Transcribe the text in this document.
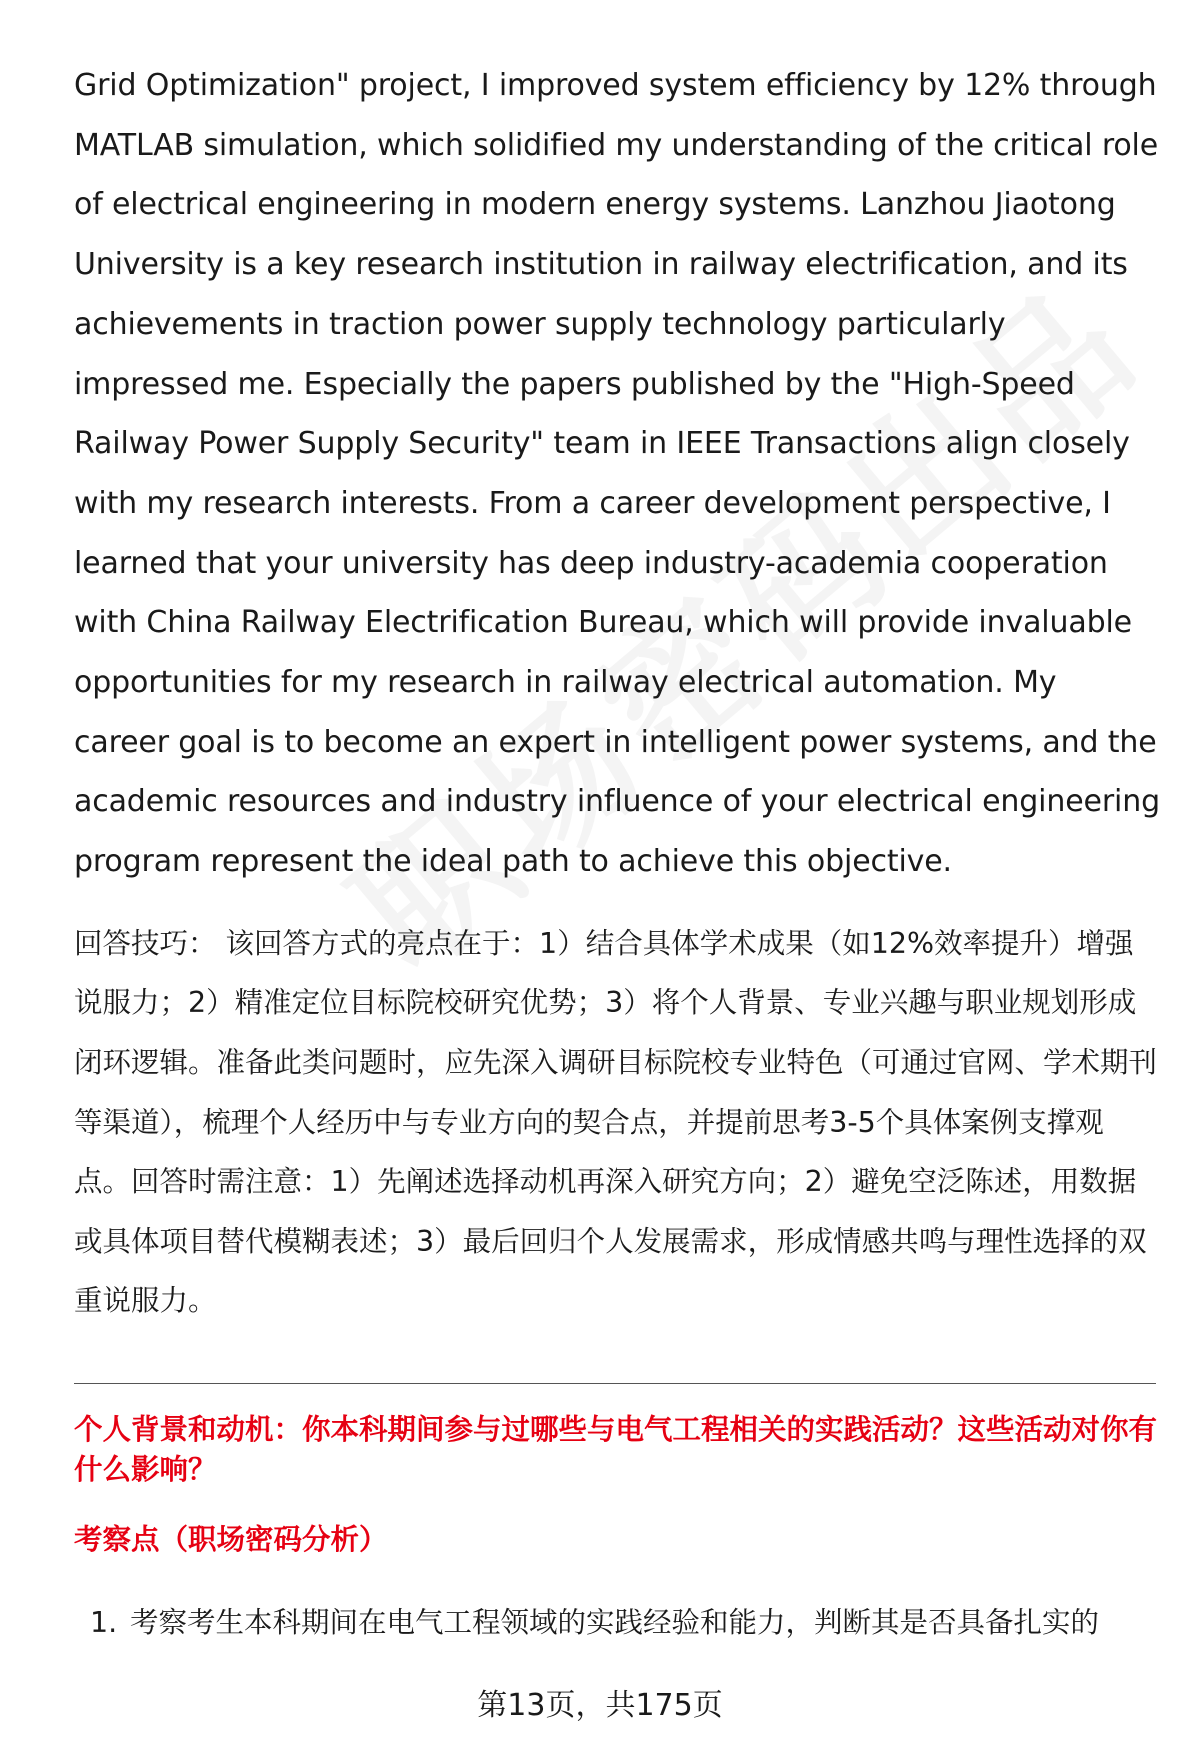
Grid Optimization" project, I improved system efficiency by 12% through MATLAB simulation, which solidified my understanding of the critical role of electrical engineering in modern energy systems. Lanzhou Jiaotong University is a key research institution in railway electrification, and its achievements in traction power supply technology particularly impressed me. Especially the papers published by the "High-Speed Railway Power Supply Security" team in IEEE Transactions align closely with my research interests. From a career development perspective, I learned that your university has deep industry-academia cooperation with China Railway Electrification Bureau, which will provide invaluable opportunities for my research in railway electrical automation. My career goal is to become an expert in intelligent power systems, and the academic resources and industry influence of your electrical engineering program represent the ideal path to achieve this objective.

回答技巧： 该回答方式的亮点在于：1）结合具体学术成果（如12%效率提升）增强说服力；2）精准定位目标院校研究优势；3）将个人背景、专业兴趣与职业规划形成闭环逻辑。准备此类问题时，应先深入调研目标院校专业特色（可通过官网、学术期刊等渠道），梳理个人经历中与专业方向的契合点，并提前思考3-5个具体案例支撑观点。回答时需注意：1）先阐述选择动机再深入研究方向；2）避免空泛陈述，用数据或具体项目替代模糊表述；3）最后回归个人发展需求，形成情感共鸣与理性选择的双重说服力。

个人背景和动机：你本科期间参与过哪些与电气工程相关的实践活动？这些活动对你有什么影响？
考察点（职场密码分析）
1. 考察考生本科期间在电气工程领域的实践经验和能力，判断其是否具备扎实的
第13页，共175页
